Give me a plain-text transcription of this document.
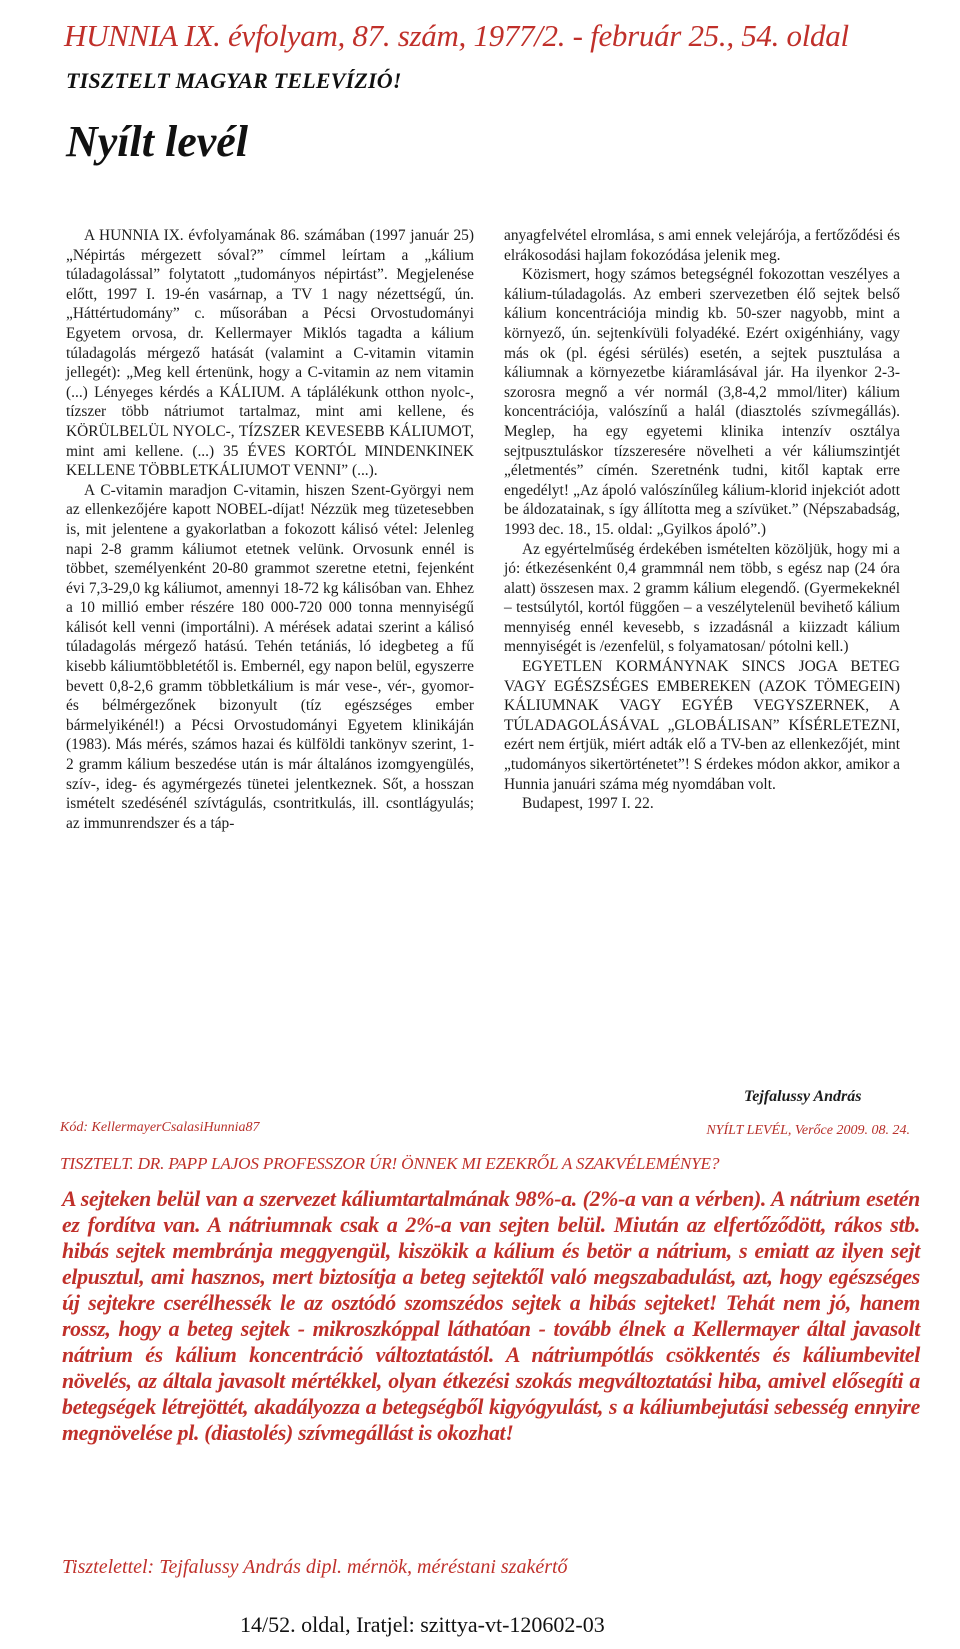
HUNNIA IX. évfolyam, 87. szám, 1977/2. - február 25., 54. oldal
TISZTELT MAGYAR TELEVÍZIÓ!
Nyílt levél

A HUNNIA IX. évfolyamának 86. számában (1997 január 25) „Népirtás mérgezett sóval?” címmel leírtam a „kálium túladagolással” folytatott „tudományos népirtást”. Megjelenése előtt, 1997 I. 19-én vasárnap, a TV 1 nagy nézettségű, ún. „Háttértudomány” c. műsorában a Pécsi Orvostudományi Egyetem orvosa, dr. Kellermayer Miklós tagadta a kálium túladagolás mérgező hatását (valamint a C-vitamin vitamin jellegét): „Meg kell értenünk, hogy a C-vitamin az nem vitamin (...) Lényeges kérdés a KÁLIUM. A táplálékunk otthon nyolc-, tízszer több nátriumot tartalmaz, mint ami kellene, és KÖRÜLBELÜL NYOLC-, TÍZSZER KEVESEBB KÁLIUMOT, mint ami kellene. (...) 35 ÉVES KORTÓL MINDENKINEK KELLENE TÖBBLETKÁLIUMOT VENNI” (...).

A C-vitamin maradjon C-vitamin, hiszen Szent-Györgyi nem az ellenkezőjére kapott NOBEL-díjat! Nézzük meg tüzetesebben is, mit jelentene a gyakorlatban a fokozott kálisó vétel: Jelenleg napi 2-8 gramm káliumot etetnek velünk. Orvosunk ennél is többet, személyenként 20-80 grammot szeretne etetni, fejenként évi 7,3-29,0 kg káliumot, amennyi 18-72 kg kálisóban van. Ehhez a 10 millió ember részére 180 000-720 000 tonna mennyiségű kálisót kell venni (importálni). A mérések adatai szerint a kálisó túladagolás mérgező hatású. Tehén tetániás, ló idegbeteg a fű kisebb káliumtöbbletétől is. Embernél, egy napon belül, egyszerre bevett 0,8-2,6 gramm többletkálium is már vese-, vér-, gyomor- és bélmérgezőnek bizonyult (tíz egészséges ember bármelyikénél!) a Pécsi Orvostudományi Egyetem klinikáján (1983). Más mérés, számos hazai és külföldi tankönyv szerint, 1-2 gramm kálium beszedése után is már általános izomgyengülés, szív-, ideg- és agymérgezés tünetei jelentkeznek. Sőt, a hosszan ismételt szedésénél szívtágulás, csontritkulás, ill. csontlágyulás; az immunrendszer és a táp-

anyagfelvétel elromlása, s ami ennek velejárója, a fertőződési és elrákosodási hajlam fokozódása jelenik meg.

Közismert, hogy számos betegségnél fokozottan veszélyes a kálium-túladagolás. Az emberi szervezetben élő sejtek belső kálium koncentrációja mindig kb. 50-szer nagyobb, mint a környező, ún. sejtenkívüli folyadéké. Ezért oxigénhiány, vagy más ok (pl. égési sérülés) esetén, a sejtek pusztulása a káliumnak a környezetbe kiáramlásával jár. Ha ilyenkor 2-3-szorosra megnő a vér normál (3,8-4,2 mmol/liter) kálium koncentrációja, valószínű a halál (diasztolés szívmegállás). Meglep, ha egy egyetemi klinika intenzív osztálya sejtpusztuláskor tízszeresére növelheti a vér káliumszintjét „életmentés” címén. Szeretnénk tudni, kitől kaptak erre engedélyt! „Az ápoló valószínűleg kálium-klorid injekciót adott be áldozatainak, s így állította meg a szívüket.” (Népszabadság, 1993 dec. 18., 15. oldal: „Gyilkos ápoló”.)

Az egyértelműség érdekében ismételten közöljük, hogy mi a jó: étkezésenként 0,4 grammnál nem több, s egész nap (24 óra alatt) összesen max. 2 gramm kálium elegendő. (Gyermekeknél – testsúlytól, kortól függően – a veszélytelenül bevihető kálium mennyiség ennél kevesebb, s izzadásnál a kiizzadt kálium mennyiségét is /ezenfelül, s folyamatosan/ pótolni kell.)

EGYETLEN KORMÁNYNAK SINCS JOGA BETEG VAGY EGÉSZSÉGES EMBEREKEN (AZOK TÖMEGEIN) KÁLIUMNAK VAGY EGYÉB VEGYSZERNEK, A TÚLADAGOLÁSÁVAL „GLOBÁLISAN” KÍSÉRLETEZNI, ezért nem értjük, miért adták elő a TV-ben az ellenkezőjét, mint „tudományos sikertörténetet”! S érdekes módon akkor, amikor a Hunnia januári száma még nyomdában volt.

Budapest, 1997 I. 22.

Tejfalussy András
Kód: KellermayerCsalasiHunnia87	NYÍLT LEVÉL, Verőce 2009. 08. 24.
TISZTELT. DR. PAPP LAJOS PROFESSZOR ÚR! ÖNNEK MI EZEKRŐL A SZAKVÉLEMÉNYE?

A sejteken belül van a szervezet káliumtartalmának 98%-a. (2%-a van a vérben). A nátrium esetén ez fordítva van. A nátriumnak csak a 2%-a van sejten belül. Miután az elfertőződött, rákos stb. hibás sejtek membránja meggyengül, kiszökik a kálium és betör a nátrium, s emiatt az ilyen sejt elpusztul, ami hasznos, mert biztosítja a beteg sejtektől való megszabadulást, azt, hogy egészséges új sejtekre cserélhessék le az osztódó szomszédos sejtek a hibás sejteket! Tehát nem jó, hanem rossz, hogy a beteg sejtek - mikroszkóppal láthatóan - tovább élnek a Kellermayer által javasolt nátrium és kálium koncentráció változtatástól. A nátriumpótlás csökkentés és káliumbevitel növelés, az általa javasolt mértékkel, olyan étkezési szokás megváltoztatási hiba, amivel elősegíti a betegségek létrejöttét, akadályozza a betegségből kigyógyulást, s a káliumbejutási sebesség ennyire megnövelése pl. (diastolés) szívmegállást is okozhat!

Tisztelettel: Tejfalussy András dipl. mérnök, méréstani szakértő
14/52. oldal, Iratjel: szittya-vt-120602-03
